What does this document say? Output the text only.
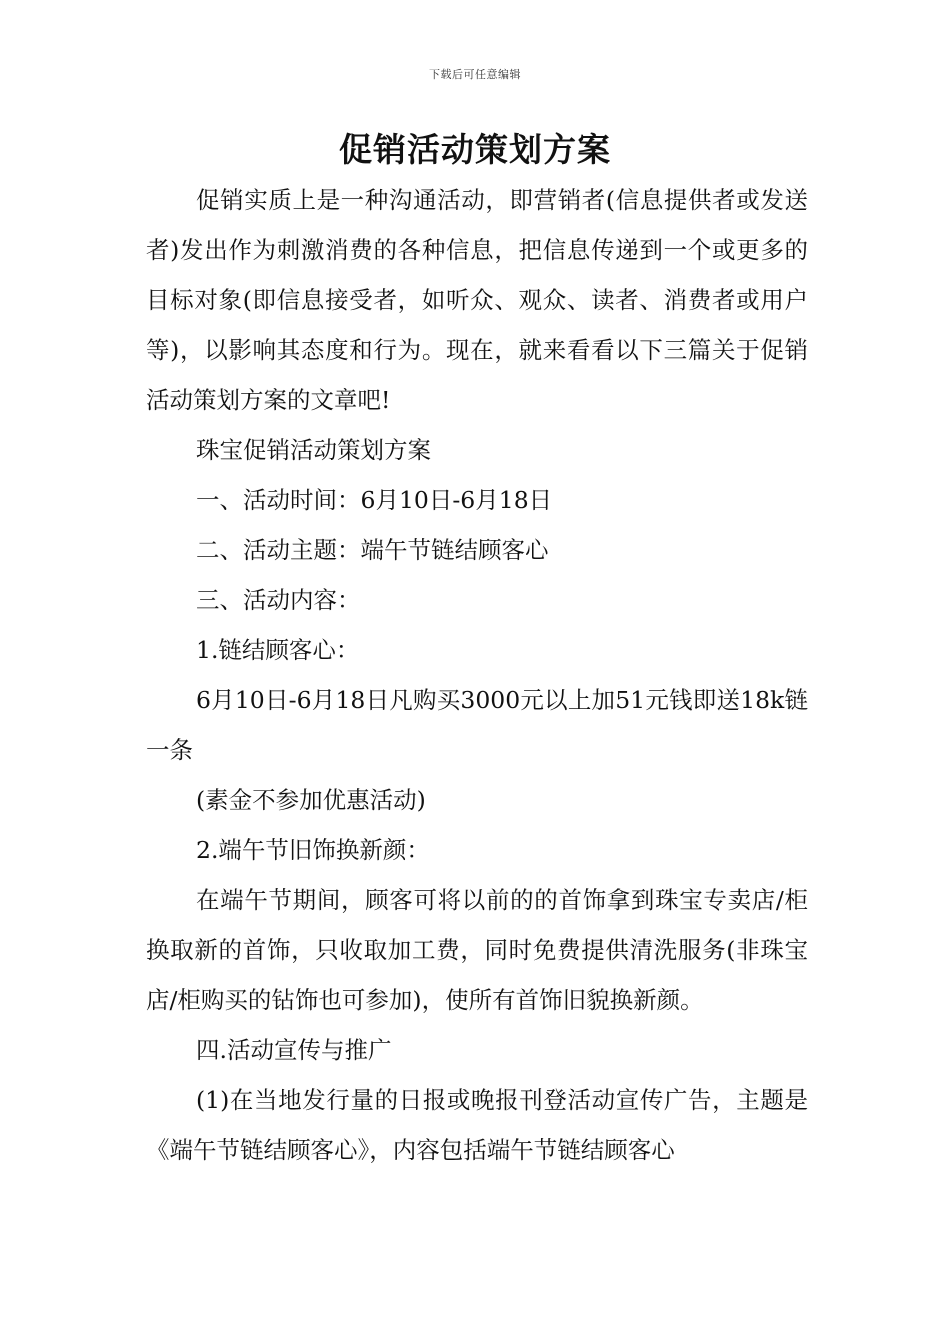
下载后可任意编辑
促销活动策划方案

促销实质上是一种沟通活动，即营销者(信息提供者或发送者)发出作为刺激消费的各种信息，把信息传递到一个或更多的目标对象(即信息接受者，如听众、观众、读者、消费者或用户等)，以影响其态度和行为。现在，就来看看以下三篇关于促销活动策划方案的文章吧!

珠宝促销活动策划方案

一、活动时间：6月10日-6月18日

二、活动主题：端午节链结顾客心

三、活动内容：

1.链结顾客心：

6月10日-6月18日凡购买3000元以上加51元钱即送18k链一条

(素金不参加优惠活动)

2.端午节旧饰换新颜：

在端午节期间，顾客可将以前的的首饰拿到珠宝专卖店/柜换取新的首饰，只收取加工费，同时免费提供清洗服务(非珠宝店/柜购买的钻饰也可参加)，使所有首饰旧貌换新颜。

四.活动宣传与推广

(1)在当地发行量的日报或晚报刊登活动宣传广告，主题是《端午节链结顾客心》，内容包括端午节链结顾客心
